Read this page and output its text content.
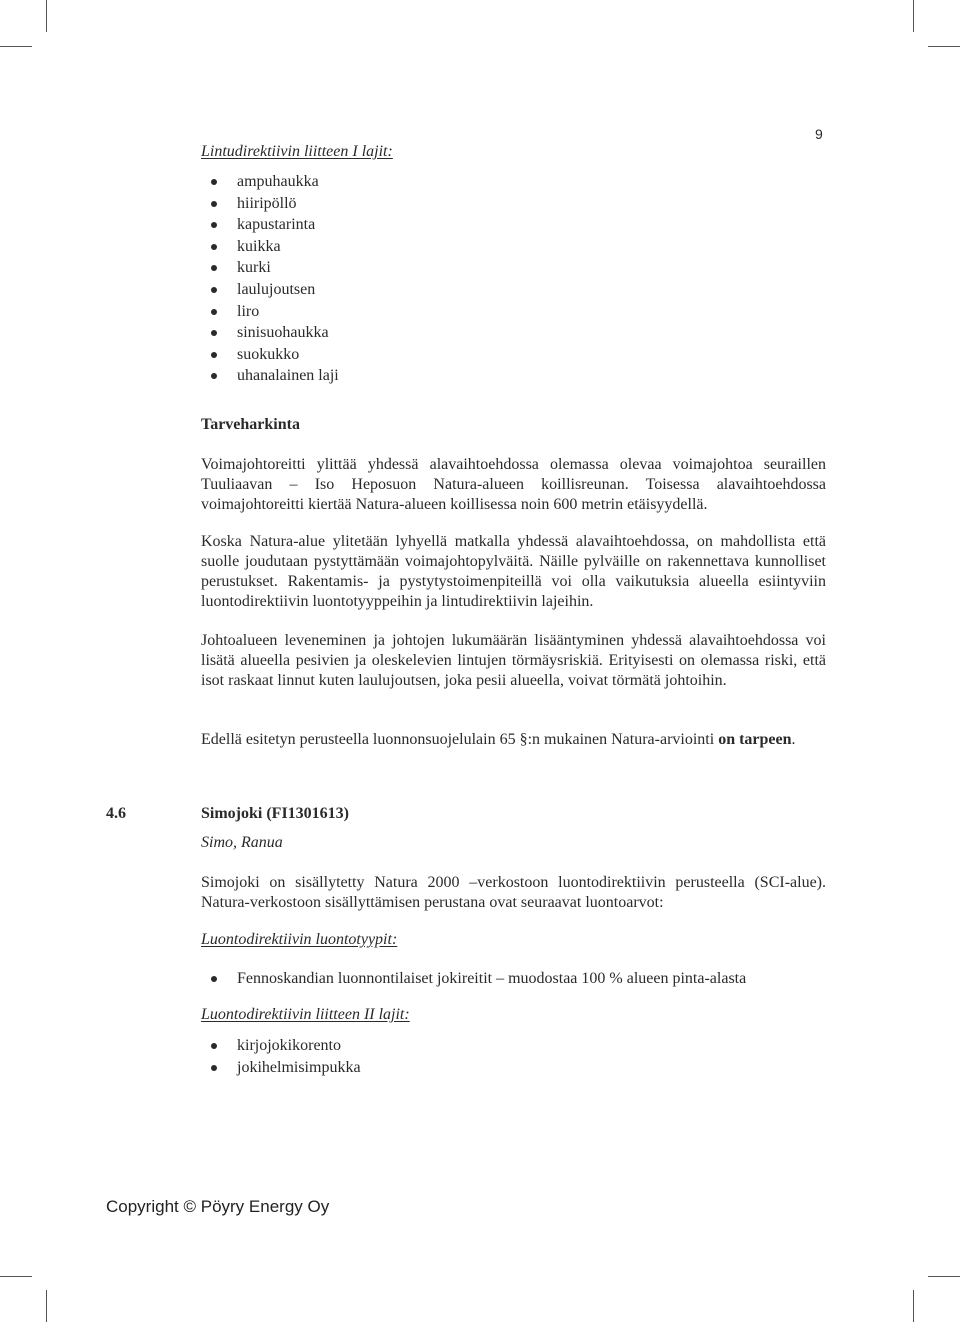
9
Lintudirektiivin liitteen I lajit:
ampuhaukka
hiiripöllö
kapustarinta
kuikka
kurki
laulujoutsen
liro
sinisuohaukka
suokukko
uhanalainen laji
Tarveharkinta

Voimajohtoreitti ylittää yhdessä alavaihtoehdossa olemassa olevaa voimajohtoa seuraillen Tuuliaavan – Iso Heposuon Natura-alueen koillisreunan. Toisessa alavaihtoehdossa voimajohtoreitti kiertää Natura-alueen koillisessa noin 600 metrin etäisyydellä.

Koska Natura-alue ylitetään lyhyellä matkalla yhdessä alavaihtoehdossa, on mahdollista että suolle joudutaan pystyttämään voimajohtopylväitä. Näille pylväille on rakennettava kunnolliset perustukset. Rakentamis- ja pystytystoimenpiteillä voi olla vaikutuksia alueella esiintyviin luontodirektiivin luontotyyppeihin ja lintudirektiivin lajeihin.

Johtoalueen leveneminen ja johtojen lukumäärän lisääntyminen yhdessä alavaihtoehdossa voi lisätä alueella pesivien ja oleskelevien lintujen törmäysriskiä. Erityisesti on olemassa riski, että isot raskaat linnut kuten laulujoutsen, joka pesii alueella, voivat törmätä johtoihin.

Edellä esitetyn perusteella luonnonsuojelulain 65 §:n mukainen Natura-arviointi on tarpeen.

4.6	Simojoki (FI1301613)
Simo, Ranua

Simojoki on sisällytetty Natura 2000 –verkostoon luontodirektiivin perusteella (SCI-alue). Natura-verkostoon sisällyttämisen perustana ovat seuraavat luontoarvot:

Luontodirektiivin luontotyypit:
Fennoskandian luonnontilaiset jokireitit – muodostaa 100 % alueen pinta-alasta
Luontodirektiivin liitteen II lajit:
kirjojokikorento
jokihelmisimpukka
Copyright © Pöyry Energy Oy
